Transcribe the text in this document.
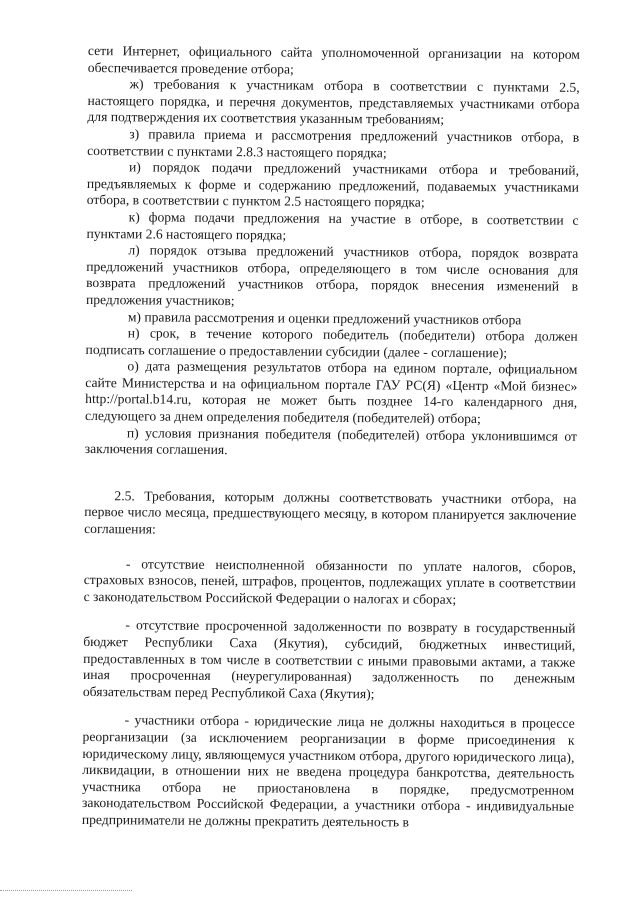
сети Интернет, официального сайта уполномоченной организации на котором обеспечивается проведение отбора;

ж) требования к участникам отбора в соответствии с пунктами 2.5, настоящего порядка, и перечня документов, представляемых участниками отбора для подтверждения их соответствия указанным требованиям;

з) правила приема и рассмотрения предложений участников отбора, в соответствии с пунктами 2.8.3 настоящего порядка;

и) порядок подачи предложений участниками отбора и требований, предъявляемых к форме и содержанию предложений, подаваемых участниками отбора, в соответствии с пунктом 2.5 настоящего порядка;

к) форма подачи предложения на участие в отборе, в соответствии с пунктами 2.6 настоящего порядка;

л) порядок отзыва предложений участников отбора, порядок возврата предложений участников отбора, определяющего в том числе основания для возврата предложений участников отбора, порядок внесения изменений в предложения участников;

м) правила рассмотрения и оценки предложений участников отбора

н) срок, в течение которого победитель (победители) отбора должен подписать соглашение о предоставлении субсидии (далее - соглашение);

о) дата размещения результатов отбора на едином портале, официальном сайте Министерства и на официальном портале ГАУ РС(Я) «Центр «Мой бизнес» http://portal.b14.ru, которая не может быть позднее 14-го календарного дня, следующего за днем определения победителя (победителей) отбора;

п) условия признания победителя (победителей) отбора уклонившимся от заключения соглашения.

2.5. Требования, которым должны соответствовать участники отбора, на первое число месяца, предшествующего месяцу, в котором планируется заключение соглашения:

- отсутствие неисполненной обязанности по уплате налогов, сборов, страховых взносов, пеней, штрафов, процентов, подлежащих уплате в соответствии с законодательством Российской Федерации о налогах и сборах;

- отсутствие просроченной задолженности по возврату в государственный бюджет Республики Саха (Якутия), субсидий, бюджетных инвестиций, предоставленных в том числе в соответствии с иными правовыми актами, а также иная просроченная (неурегулированная) задолженность по денежным обязательствам перед Республикой Саха (Якутия);

- участники отбора - юридические лица не должны находиться в процессе реорганизации (за исключением реорганизации в форме присоединения к юридическому лицу, являющемуся участником отбора, другого юридического лица), ликвидации, в отношении них не введена процедура банкротства, деятельность участника отбора не приостановлена в порядке, предусмотренном законодательством Российской Федерации, а участники отбора - индивидуальные предприниматели не должны прекратить деятельность в
